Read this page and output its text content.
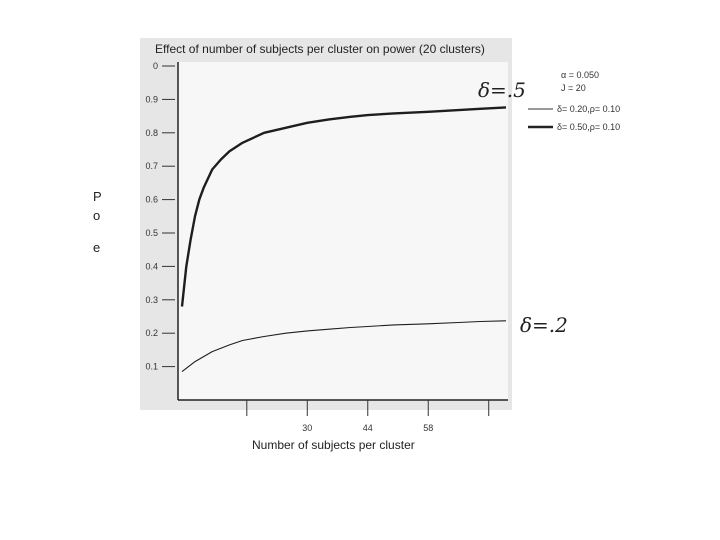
Effect of number of subjects per cluster on power (20 clusters)
Number of subjects per cluster
P
o
e
0
0.9
0.8
0.7
0.6
0.5
0.4
0.3
0.2
0.1
30	44	58
α = 0.050
J = 20
δ= 0.20,ρ= 0.10
δ= 0.50,ρ= 0.10
δ=.5
δ=.2
